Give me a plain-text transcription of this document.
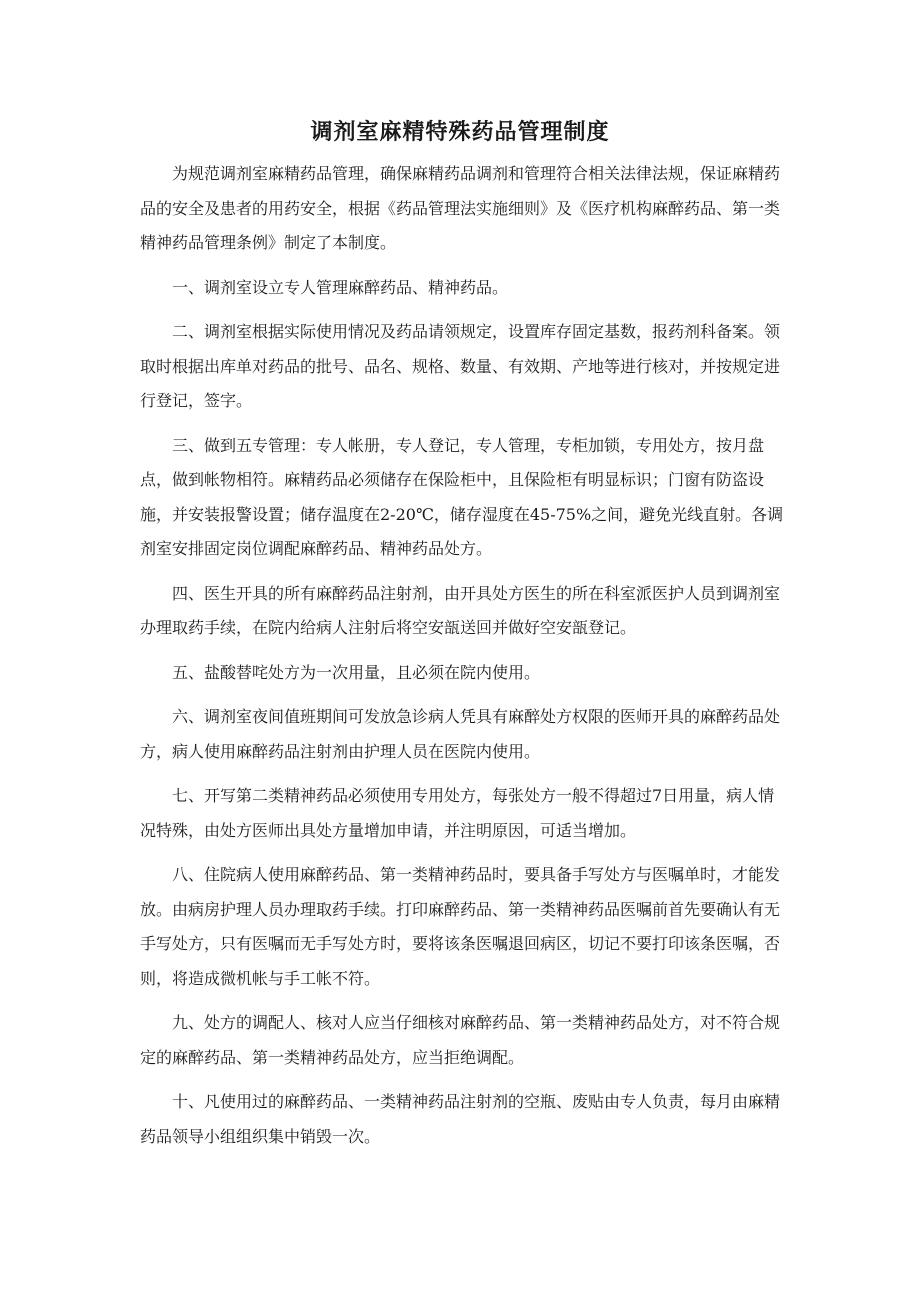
调剂室麻精特殊药品管理制度

为规范调剂室麻精药品管理，确保麻精药品调剂和管理符合相关法律法规，保证麻精药品的安全及患者的用药安全，根据《药品管理法实施细则》及《医疗机构麻醉药品、第一类精神药品管理条例》制定了本制度。

一、调剂室设立专人管理麻醉药品、精神药品。

二、调剂室根据实际使用情况及药品请领规定，设置库存固定基数，报药剂科备案。领取时根据出库单对药品的批号、品名、规格、数量、有效期、产地等进行核对，并按规定进行登记，签字。

三、做到五专管理：专人帐册，专人登记，专人管理，专柜加锁，专用处方，按月盘点，做到帐物相符。麻精药品必须储存在保险柜中，且保险柜有明显标识；门窗有防盗设施，并安装报警设置；储存温度在2-20℃，储存湿度在45-75%之间，避免光线直射。各调剂室安排固定岗位调配麻醉药品、精神药品处方。

四、医生开具的所有麻醉药品注射剂，由开具处方医生的所在科室派医护人员到调剂室办理取药手续，在院内给病人注射后将空安瓿送回并做好空安瓿登记。

五、盐酸替咤处方为一次用量，且必须在院内使用。

六、调剂室夜间值班期间可发放急诊病人凭具有麻醉处方权限的医师开具的麻醉药品处方，病人使用麻醉药品注射剂由护理人员在医院内使用。

七、开写第二类精神药品必须使用专用处方，每张处方一般不得超过7日用量，病人情况特殊，由处方医师出具处方量增加申请，并注明原因，可适当增加。

八、住院病人使用麻醉药品、第一类精神药品时，要具备手写处方与医嘱单时，才能发放。由病房护理人员办理取药手续。打印麻醉药品、第一类精神药品医嘱前首先要确认有无手写处方，只有医嘱而无手写处方时，要将该条医嘱退回病区，切记不要打印该条医嘱，否则，将造成微机帐与手工帐不符。

九、处方的调配人、核对人应当仔细核对麻醉药品、第一类精神药品处方，对不符合规定的麻醉药品、第一类精神药品处方，应当拒绝调配。

十、凡使用过的麻醉药品、一类精神药品注射剂的空瓶、废贴由专人负责，每月由麻精药品领导小组组织集中销毁一次。
